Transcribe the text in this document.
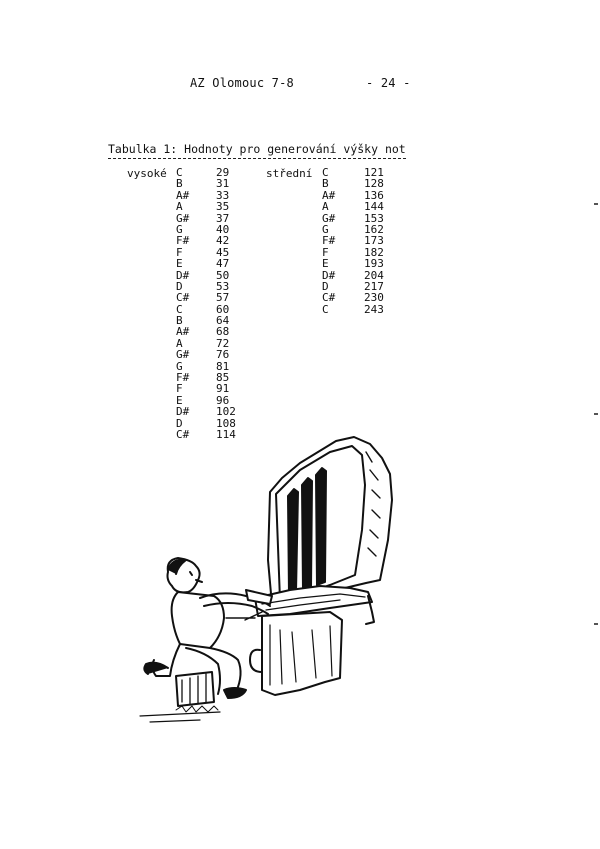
AZ Olomouc 7-8	- 24 -
Tabulka 1: Hodnoty pro generování výšky not
vysoké C	29
B	31
A# 33
A	35
G# 37
G	40
F# 42
F	45
E	47
D# 50
D	53
C# 57
C	60
B	64
A# 68
A	72
G# 76
G	81
F# 85
F	91
E	96
D# 102
D	108
C# 114
střední C	121
B	128
A#	136
A	144
G#	153
G	162
F#	173
F	182
E	193
D#	204
D	217
C#	230
C	243
